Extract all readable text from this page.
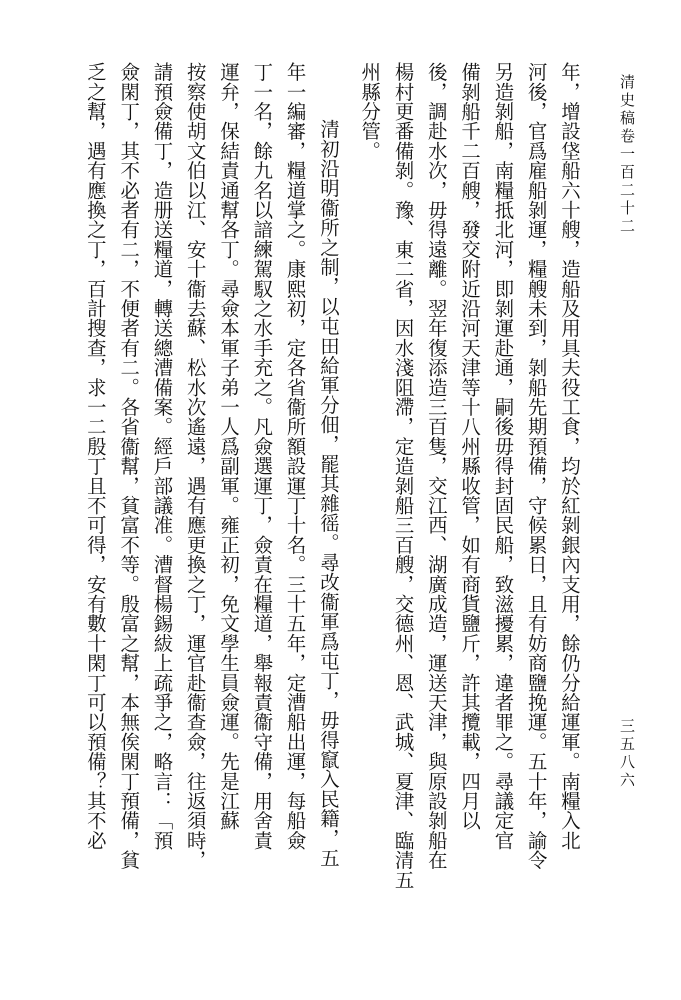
清史稿卷一百二十二
年，增設垡船六十艘，造船及用具夫役工食，均於紅剝銀內支用，餘仍分給運軍。南糧入北
河後，官爲雇船剝運，糧艘未到，剝船先期預備，守候累日，且有妨商鹽挽運。五十年，諭令
另造剝船，南糧抵北河，即剝運赴通，嗣後毋得封固民船，致滋擾累，違者罪之。尋議定官
備剝船千二百艘，發交附近沿河天津等十八州縣收管，如有商貨鹽斤，許其攬載，四月以
後，調赴水次，毋得遠離。翌年復添造三百隻，交江西、湖廣成造，運送天津，與原設剝船在
楊村更番備剝。豫、東二省，因水淺阻滯，定造剝船三百艘，交德州、恩、武城、夏津、臨清五
州縣分管。
清初沿明衞所之制，以屯田給軍分佃，罷其雜徭。尋改衞軍爲屯丁，毋得竄入民籍，五
年一編審，糧道掌之。康熙初，定各省衞所額設運丁十名。三十五年，定漕船出運，每船僉
丁一名，餘九名以諳練駕馭之水手充之。凡僉選運丁，僉責在糧道，舉報責衞守備，用舍責
運弁，保結責通幫各丁。尋僉本軍子弟一人爲副軍。雍正初，免文學生員僉運。先是江蘇
按察使胡文伯以江、安十衞去蘇、松水次遙遠，遇有應更換之丁，運官赴衞查僉，往返須時，
請預僉備丁，造册送糧道，轉送總漕備案。經戶部議准。漕督楊錫紱上疏爭之，略言：「預
僉閑丁，其不必者有二，不便者有二。各省衞幫，貧富不等。殷富之幫，本無俟閑丁預備，貧
乏之幫，遇有應換之丁，百計搜查，求一二殷丁且不可得，安有數十閑丁可以預備？其不必	三五八六
